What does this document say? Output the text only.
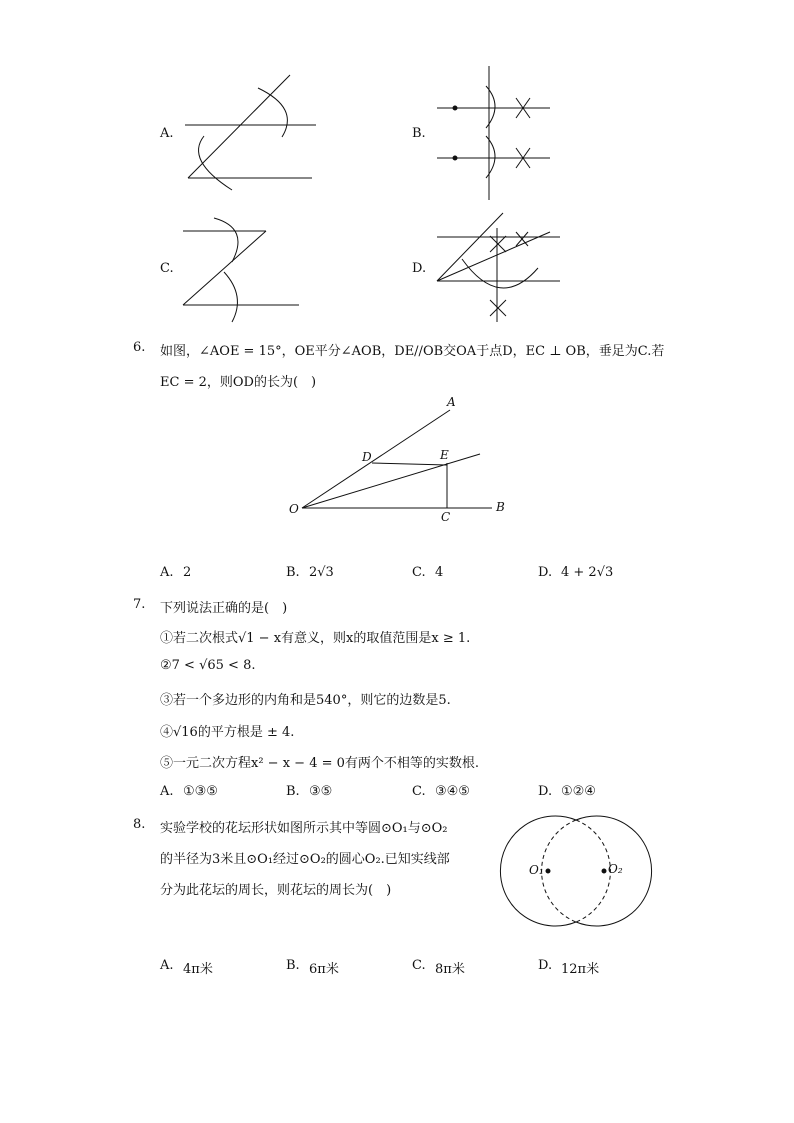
A.	B.
C.	D.
6. 如图，∠AOE = 15°，OE平分∠AOB，DE//OB交OA于点D，EC ⊥ OB，垂足为C.若
EC = 2，则OD的长为(　)
A
D	E
O	B
C
A. 2	B. 2√3	C. 4	D. 4 + 2√3
7. 下列说法正确的是(　)
①若二次根式√1 − x有意义，则x的取值范围是x ≥ 1.
②7 < √65 < 8.
③若一个多边形的内角和是540°，则它的边数是5.
④√16的平方根是 ± 4.
⑤一元二次方程x² − x − 4 = 0有两个不相等的实数根.
A. ①③⑤	B. ③⑤	C. ③④⑤	D. ①②④
8. 实验学校的花坛形状如图所示其中等圆⊙O₁与⊙O₂
的半径为3米且⊙O₁经过⊙O₂的圆心O₂.已知实线部
分为此花坛的周长，则花坛的周长为(　)
O₁	O₂
A. 4π米	B. 6π米	C. 8π米	D. 12π米
